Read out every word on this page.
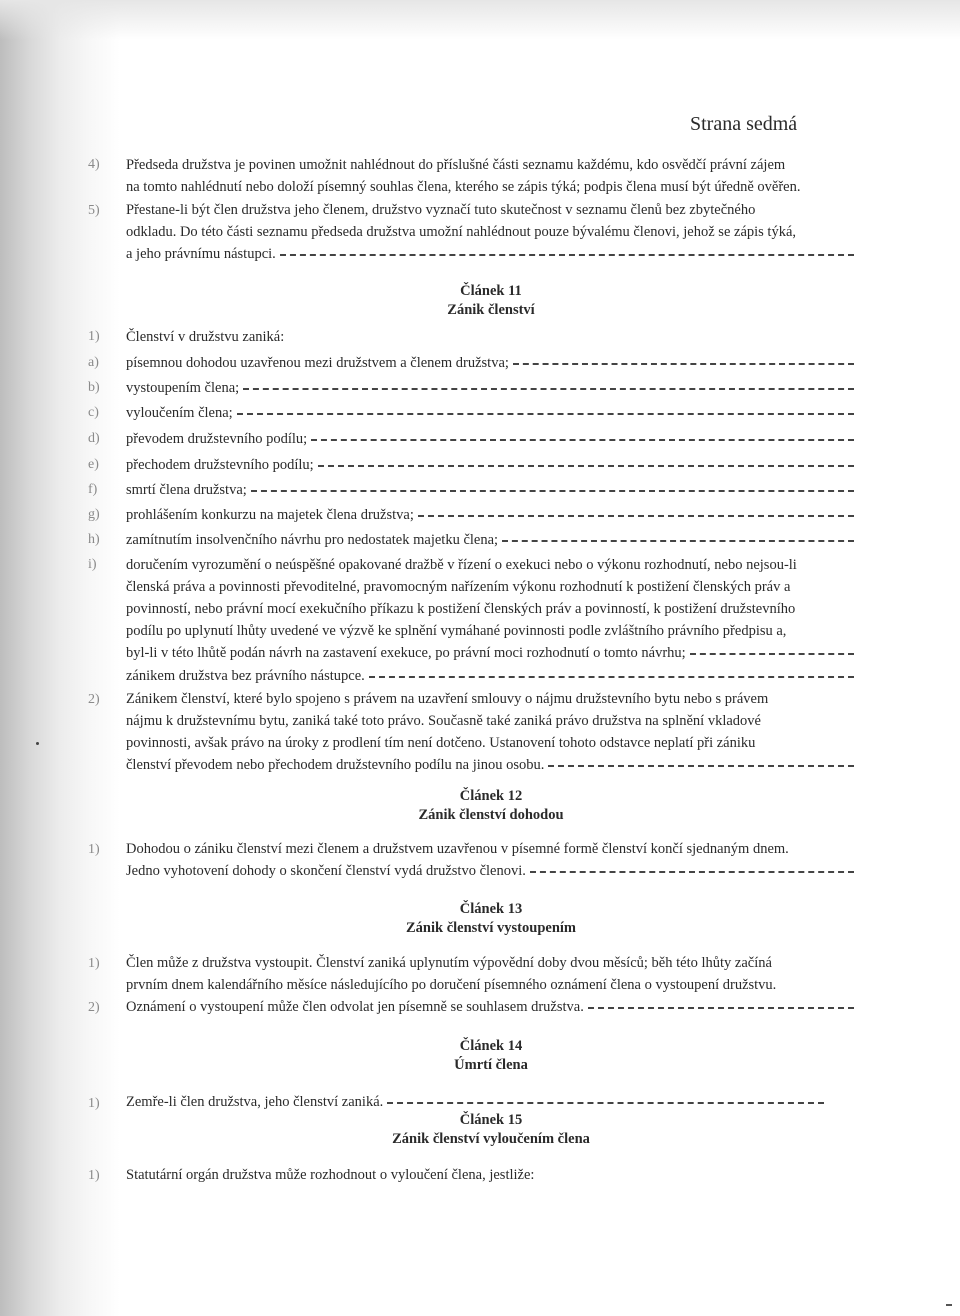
Strana sedmá
4)	Předseda družstva je povinen umožnit nahlédnout do příslušné části seznamu každému, kdo osvědčí právní zájem
na tomto nahlédnutí nebo doloží písemný souhlas člena, kterého se zápis týká; podpis člena musí být úředně ověřen.
5)	Přestane-li být člen družstva jeho členem, družstvo vyznačí tuto skutečnost v seznamu členů bez zbytečného
odkladu. Do této části seznamu předseda družstva umožní nahlédnout pouze bývalému členovi, jehož se zápis týká,
a jeho právnímu nástupci.
Článek 11
Zánik členství
1)	Členství v družstvu zaniká:
a)	písemnou dohodou uzavřenou mezi družstvem a členem družstva;
b)	vystoupením člena;
c)	vyloučením člena;
d)	převodem družstevního podílu;
e)	přechodem družstevního podílu;
f)	smrtí člena družstva;
g)	prohlášením konkurzu na majetek člena družstva;
h)	zamítnutím insolvenčního návrhu pro nedostatek majetku člena;
i)	doručením vyrozumění o neúspěšné opakované dražbě v řízení o exekuci nebo o výkonu rozhodnutí, nebo nejsou-li
členská práva a povinnosti převoditelné, pravomocným nařízením výkonu rozhodnutí k postižení členských práv a
povinností, nebo právní mocí exekučního příkazu k postižení členských práv a povinností, k postižení družstevního
podílu po uplynutí lhůty uvedené ve výzvě ke splnění vymáhané povinnosti podle zvláštního právního předpisu a,
byl-li v této lhůtě podán návrh na zastavení exekuce, po právní moci rozhodnutí o tomto návrhu;
zánikem družstva bez právního nástupce.
2)	Zánikem členství, které bylo spojeno s právem na uzavření smlouvy o nájmu družstevního bytu nebo s právem
nájmu k družstevnímu bytu, zaniká také toto právo. Současně také zaniká právo družstva na splnění vkladové
povinnosti, avšak právo na úroky z prodlení tím není dotčeno. Ustanovení tohoto odstavce neplatí při zániku
členství převodem nebo přechodem družstevního podílu na jinou osobu.
Článek 12
Zánik členství dohodou
1)	Dohodou o zániku členství mezi členem a družstvem uzavřenou v písemné formě členství končí sjednaným dnem.
Jedno vyhotovení dohody o skončení členství vydá družstvo členovi.
Článek 13
Zánik členství vystoupením
1)	Člen může z družstva vystoupit. Členství zaniká uplynutím výpovědní doby dvou měsíců; běh této lhůty začíná
prvním dnem kalendářního měsíce následujícího po doručení písemného oznámení člena o vystoupení družstvu.
2)	Oznámení o vystoupení může člen odvolat jen písemně se souhlasem družstva.
Článek 14
Úmrtí člena
1)	Zemře-li člen družstva, jeho členství zaniká.
Článek 15
Zánik členství vyloučením člena
1)	Statutární orgán družstva může rozhodnout o vyloučení člena, jestliže:
